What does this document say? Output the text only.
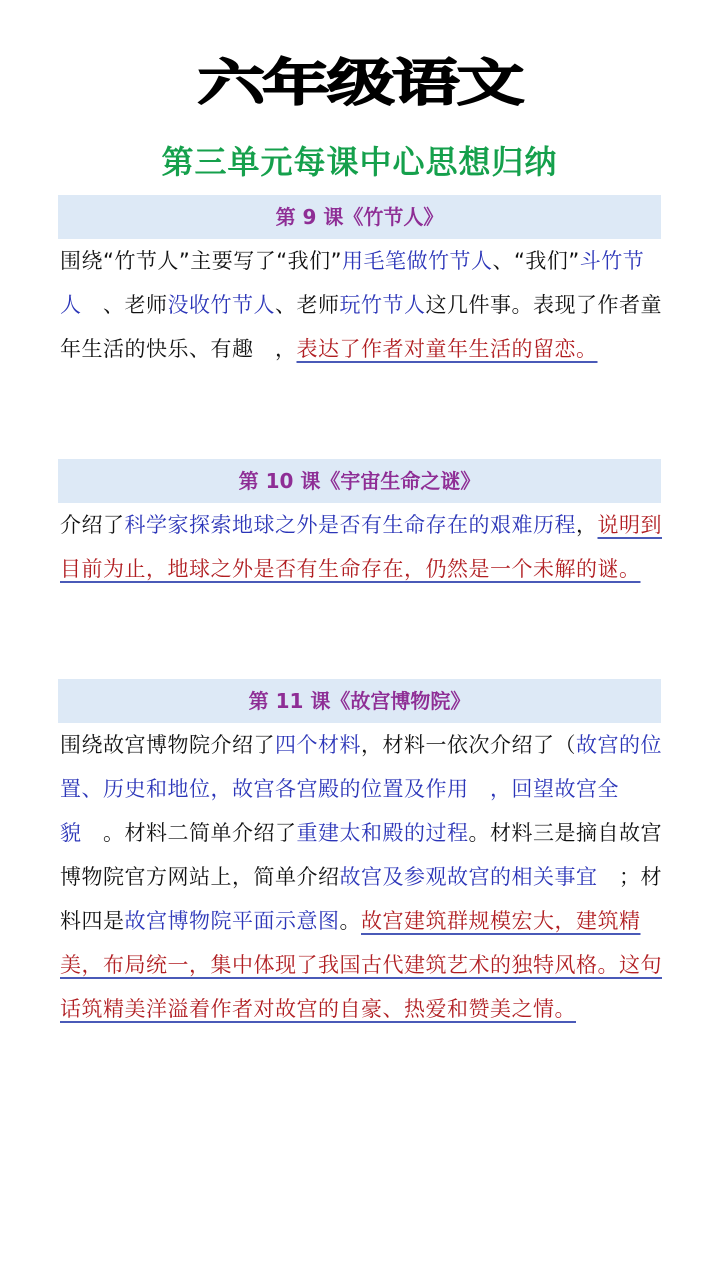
六年级语文
第三单元每课中心思想归纳
第 9 课《竹节人》

围绕“竹节人”主要写了“我们”用毛笔做竹节人、“我们”斗竹节人　、老师没收竹节人、老师玩竹节人这几件事。表现了作者童年生活的快乐、有趣　，表达了作者对童年生活的留恋。

第 10 课《宇宙生命之谜》

介绍了科学家探索地球之外是否有生命存在的艰难历程，说明到目前为止，地球之外是否有生命存在，仍然是一个未解的谜。

第 11 课《故宫博物院》

围绕故宫博物院介绍了四个材料，材料一依次介绍了（故宫的位置、历史和地位，故宫各宫殿的位置及作用　，回望故宫全貌　。材料二简单介绍了重建太和殿的过程。材料三是摘自故宫博物院官方网站上，简单介绍故宫及参观故宫的相关事宜　；材料四是故宫博物院平面示意图。故宫建筑群规模宏大，建筑精美，布局统一，集中体现了我国古代建筑艺术的独特风格。这句话筑精美洋溢着作者对故宫的自豪、热爱和赞美之情。
